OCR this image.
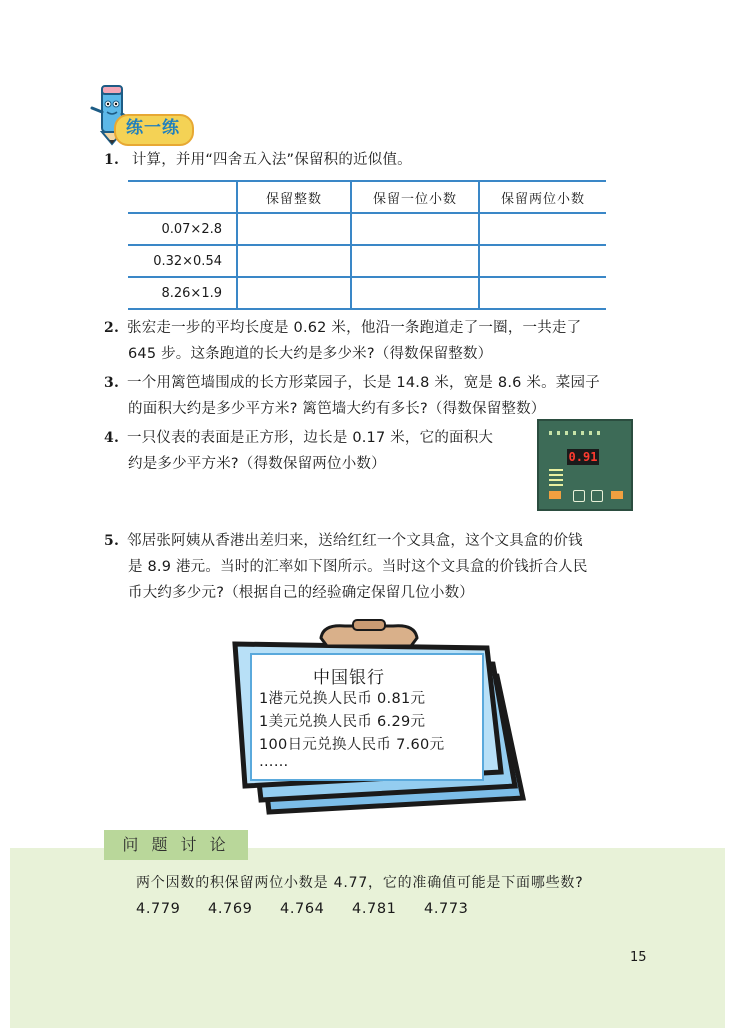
练一练
1. 计算，并用“四舍五入法”保留积的近似值。
	保留整数	保留一位小数	保留两位小数
0.07×2.8			
0.32×0.54			
8.26×1.9			
2. 张宏走一步的平均长度是 0.62 米，他沿一条跑道走了一圈，一共走了
645 步。这条跑道的长大约是多少米?（得数保留整数）
3. 一个用篱笆墙围成的长方形菜园子，长是 14.8 米，宽是 8.6 米。菜园子
的面积大约是多少平方米? 篱笆墙大约有多长?（得数保留整数）
4. 一只仪表的表面是正方形，边长是 0.17 米，它的面积大
约是多少平方米?（得数保留两位小数）	0.91
5. 邻居张阿姨从香港出差归来，送给红红一个文具盒，这个文具盒的价钱
是 8.9 港元。当时的汇率如下图所示。当时这个文具盒的价钱折合人民
币大约多少元?（根据自己的经验确定保留几位小数）
中国银行
1港元兑换人民币 0.81元
1美元兑换人民币 6.29元
100日元兑换人民币 7.60元
……
问 题 讨 论
两个因数的积保留两位小数是 4.77，它的准确值可能是下面哪些数?
4.779 4.769 4.764 4.781 4.773
15
